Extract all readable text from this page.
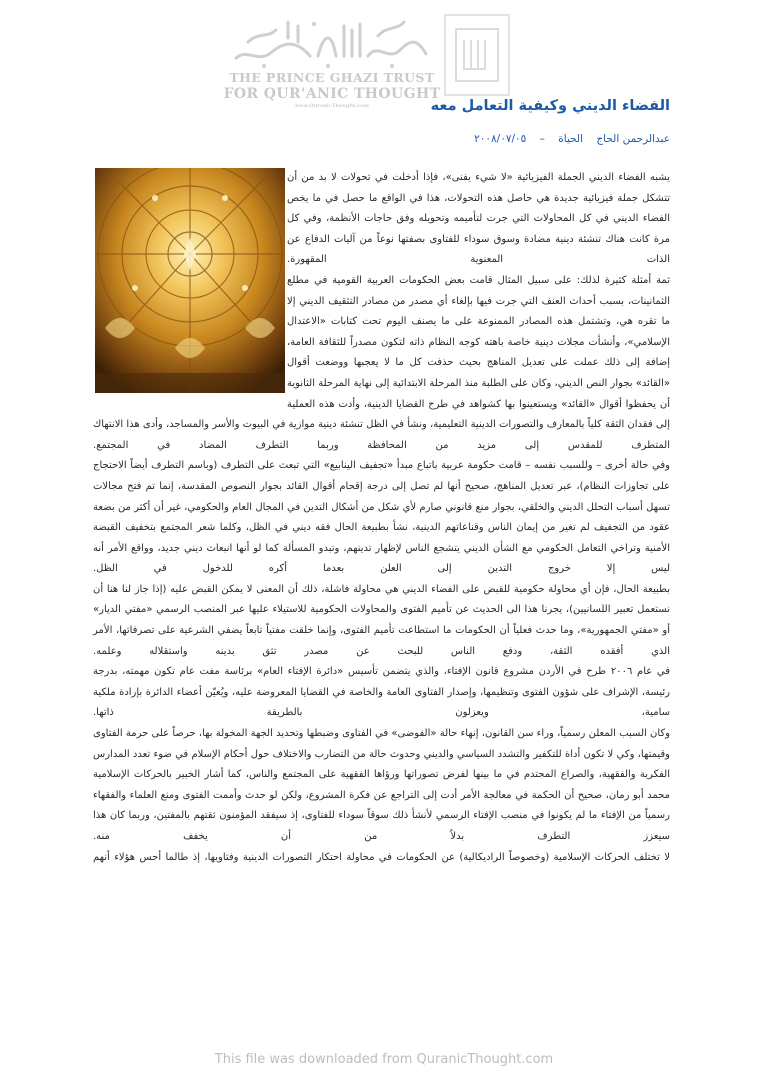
THE PRINCE GHAZI TRUST
FOR QUR'ANIC THOUGHT
www.QuranicThought.com	الفضاء الديني وكيفية التعامل معه
عبدالرحمن الحاج الحياة – ٢٠٠٨/٠٧/٠٥

يشبه الفضاء الديني الجملة الفيزيائية «لا شيء يفنى»، فإذا أدخلت في تحولات لا بد من أن تتشكل جملة فيزيائية جديدة هي حاصل هذه التحولات، هذا في الواقع ما حصل في ما يخص الفضاء الديني في كل المحاولات التي جرت لتأميمه وتحويله وفق حاجات الأنظمة، وفي كل مرة كانت هناك تنشئة دينية مضادة وسوق سوداء للفتاوى بصفتها نوعاً من آليات الدفاع عن الذات المعنوية المقهورة.

ثمة أمثلة كثيرة لذلك: على سبيل المثال قامت بعض الحكومات العربية القومية في مطلع الثمانينات، بسبب أحداث العنف التي جرت فيها بإلغاء أي مصدر من مصادر التثقيف الديني إلا ما تقره هي، وتشتمل هذه المصادر الممنوعة على ما يصنف اليوم تحت كتابات «الاعتدال الإسلامي»، وأنشأت مجلات دينية خاصة باهته كوجه النظام ذاته لتكون مصدراً للثقافة العامة، إضافة إلى ذلك عملت على تعديل المناهج بحيث حذفت كل ما لا يعجبها ووضعت أقوال «القائد» بجوار النص الديني، وكان على الطلبة منذ المرحلة الابتدائية إلى نهاية المرحلة الثانوية أن يحفظوا أقوال «القائد» ويستعينوا بها كشواهد في طرح القضايا الدينية، وأدت هذه العملية إلى فقدان الثقة كلياً بالمعارف والتصورات الدينية التعليمية، ونشأ في الظل تنشئة دينية موازية في البيوت والأسر والمساجد، وأدى هذا الانتهاك المتطرف للمقدس إلى مزيد من المحافظة وربما التطرف المضاد في المجتمع.

وفي حالة أخرى – وللسبب نفسه – قامت حكومة عربية باتباع مبدأ «تجفيف الينابيع» التي تبعث على التطرف (وباسم التطرف أيضاً الاحتجاج على تجاوزات النظام)، عبر تعديل المناهج، صحيح أنها لم تصل إلى درجة إقحام أقوال القائد بجوار النصوص المقدسة، إنما تم فتح مجالات تسهل أسباب التحلل الديني والخلقي، بجوار منع قانوني صارم لأي شكل من أشكال التدين في المجال العام والحكومي، غير أن أكثر من بضعة عقود من التجفيف لم تغير من إيمان الناس وقناعاتهم الدينية، نشأ بطبيعة الحال فقه ديني في الظل، وكلما شعر المجتمع بتخفيف القبضة الأمنية وتراخي التعامل الحكومي مع الشأن الديني يتشجع الناس لإظهار تدينهم، وتبدو المسألة كما لو أنها انبعاث ديني جديد، وواقع الأمر أنه ليس إلا خروج التدين إلى العلن بعدما أكره للدخول في الظل.

بطبيعة الحال، فإن أي محاولة حكومية للقبض على الفضاء الديني هي محاولة فاشلة، ذلك أن المعنى لا يمكن القبض عليه (إذا جاز لنا هنا أن نستعمل تعبير اللسانيين)، يجرنا هذا الى الحديث عن تأميم الفتوى والمحاولات الحكومية للاستيلاء عليها عبر المنصب الرسمي «مفتي الديار» أو «مفتي الجمهورية»، وما حدث فعلياً أن الحكومات ما استطاعت تأميم الفتوى، وإنما خلقت مفتياً تابعاً يضفي الشرعية على تصرفاتها، الأمر الذي أفقده الثقة، ودفع الناس للبحث عن مصدر تثق بدينه واستقلاله وعلمه.

في عام ٢٠٠٦ طرح في الأردن مشروع قانون الإفتاء، والذي يتضمن تأسيس «دائرة الإفتاء العام» برئاسة مفت عام تكون مهمته، بدرجة رئيسة، الإشراف على شؤون الفتوى وتنظيمها، وإصدار الفتاوى العامة والخاصة في القضايا المعروضة عليه، ويُعيّن أعضاء الدائرة بإرادة ملكية سامية، ويعزلون بالطريقة ذاتها.

وكان السبب المعلن رسمياً، وراء سن القانون، إنهاء حالة «الفوضى» في الفتاوى وضبطها وتحديد الجهة المخولة بها، حرصاً على حرمة الفتاوى وقيمتها، وكي لا تكون أداة للتكفير والتشدد السياسي والديني وحدوث حالة من التضارب والاختلاف حول أحكام الإسلام في ضوء تعدد المدارس الفكرية والفقهية، والصراع المحتدم في ما بينها لفرض تصوراتها ورؤاها الفقهية على المجتمع والناس، كما أشار الخبير بالحركات الإسلامية محمد أبو رمان، صحيح أن الحكمة في معالجة الأمر أدت إلى التراجع عن فكرة المشروع، ولكن لو حدث وأممت الفتوى ومنع العلماء والفقهاء رسمياً من الإفتاء ما لم يكونوا في منصب الإفتاء الرسمي لأنشأ ذلك سوقاً سوداء للفتاوى، إذ سيفقد المؤمنون ثقتهم بالمفتين، وربما كان هذا سيعزز التطرف بدلاً من أن يخفف منه.

لا تختلف الحركات الإسلامية (وخصوصاً الراديكالية) عن الحكومات في محاولة احتكار التصورات الدينية وفتاويها، إذ طالما أحس هؤلاء أنهم

This file was downloaded from QuranicThought.com
